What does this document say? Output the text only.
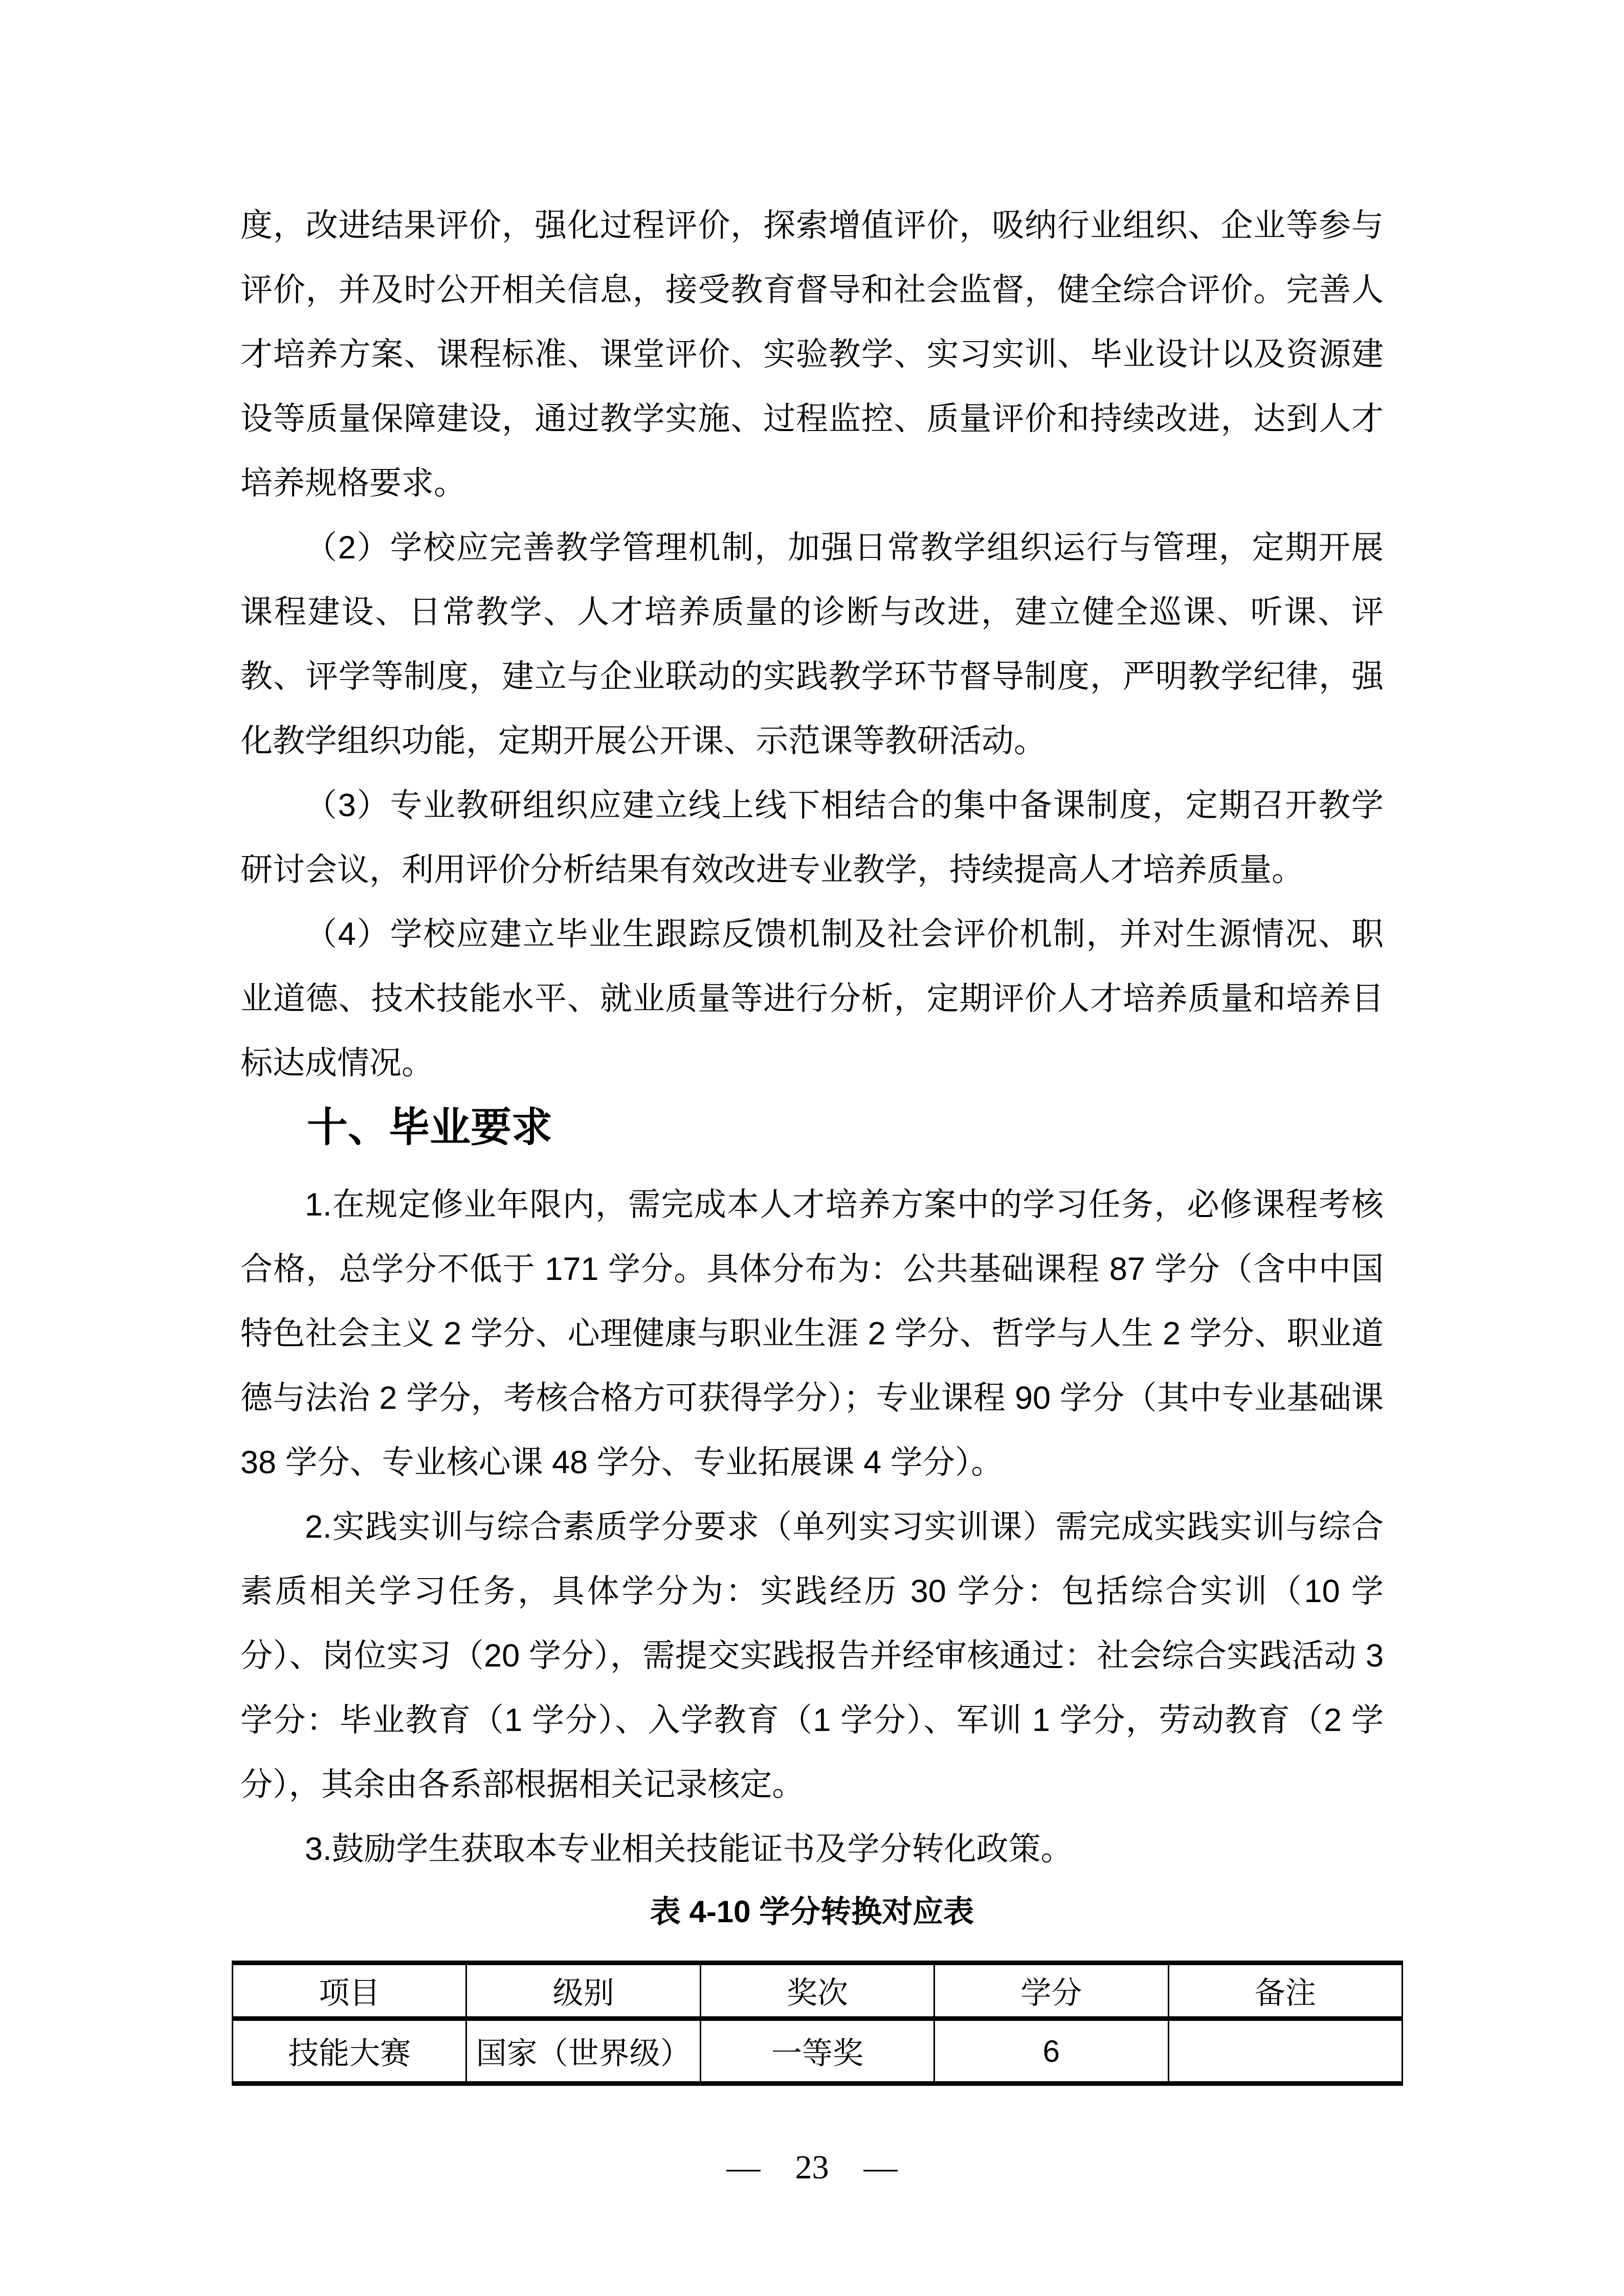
度，改进结果评价，强化过程评价，探索增值评价，吸纳行业组织、企业等参与评价，并及时公开相关信息，接受教育督导和社会监督，健全综合评价。完善人才培养方案、课程标准、课堂评价、实验教学、实习实训、毕业设计以及资源建设等质量保障建设，通过教学实施、过程监控、质量评价和持续改进，达到人才培养规格要求。

（2）学校应完善教学管理机制，加强日常教学组织运行与管理，定期开展课程建设、日常教学、人才培养质量的诊断与改进，建立健全巡课、听课、评教、评学等制度，建立与企业联动的实践教学环节督导制度，严明教学纪律，强化教学组织功能，定期开展公开课、示范课等教研活动。

（3）专业教研组织应建立线上线下相结合的集中备课制度，定期召开教学研讨会议，利用评价分析结果有效改进专业教学，持续提高人才培养质量。

（4）学校应建立毕业生跟踪反馈机制及社会评价机制，并对生源情况、职业道德、技术技能水平、就业质量等进行分析，定期评价人才培养质量和培养目标达成情况。

十、毕业要求

1.在规定修业年限内，需完成本人才培养方案中的学习任务，必修课程考核合格，总学分不低于 171 学分。具体分布为：公共基础课程 87 学分（含中中国特色社会主义 2 学分、心理健康与职业生涯 2 学分、哲学与人生 2 学分、职业道德与法治 2 学分，考核合格方可获得学分）；专业课程 90 学分（其中专业基础课 38 学分、专业核心课 48 学分、专业拓展课 4 学分）。

2.实践实训与综合素质学分要求（单列实习实训课）需完成实践实训与综合素质相关学习任务，具体学分为：实践经历 30 学分：包括综合实训（10 学分）、岗位实习（20 学分），需提交实践报告并经审核通过：社会综合实践活动 3 学分：毕业教育（1 学分）、入学教育（1 学分）、军训 1 学分，劳动教育（2 学分），其余由各系部根据相关记录核定。

3.鼓励学生获取本专业相关技能证书及学分转化政策。

表 4-10 学分转换对应表

项目	级别	奖次	学分	备注
技能大赛	国家（世界级）	一等奖	6	
— 23 —
